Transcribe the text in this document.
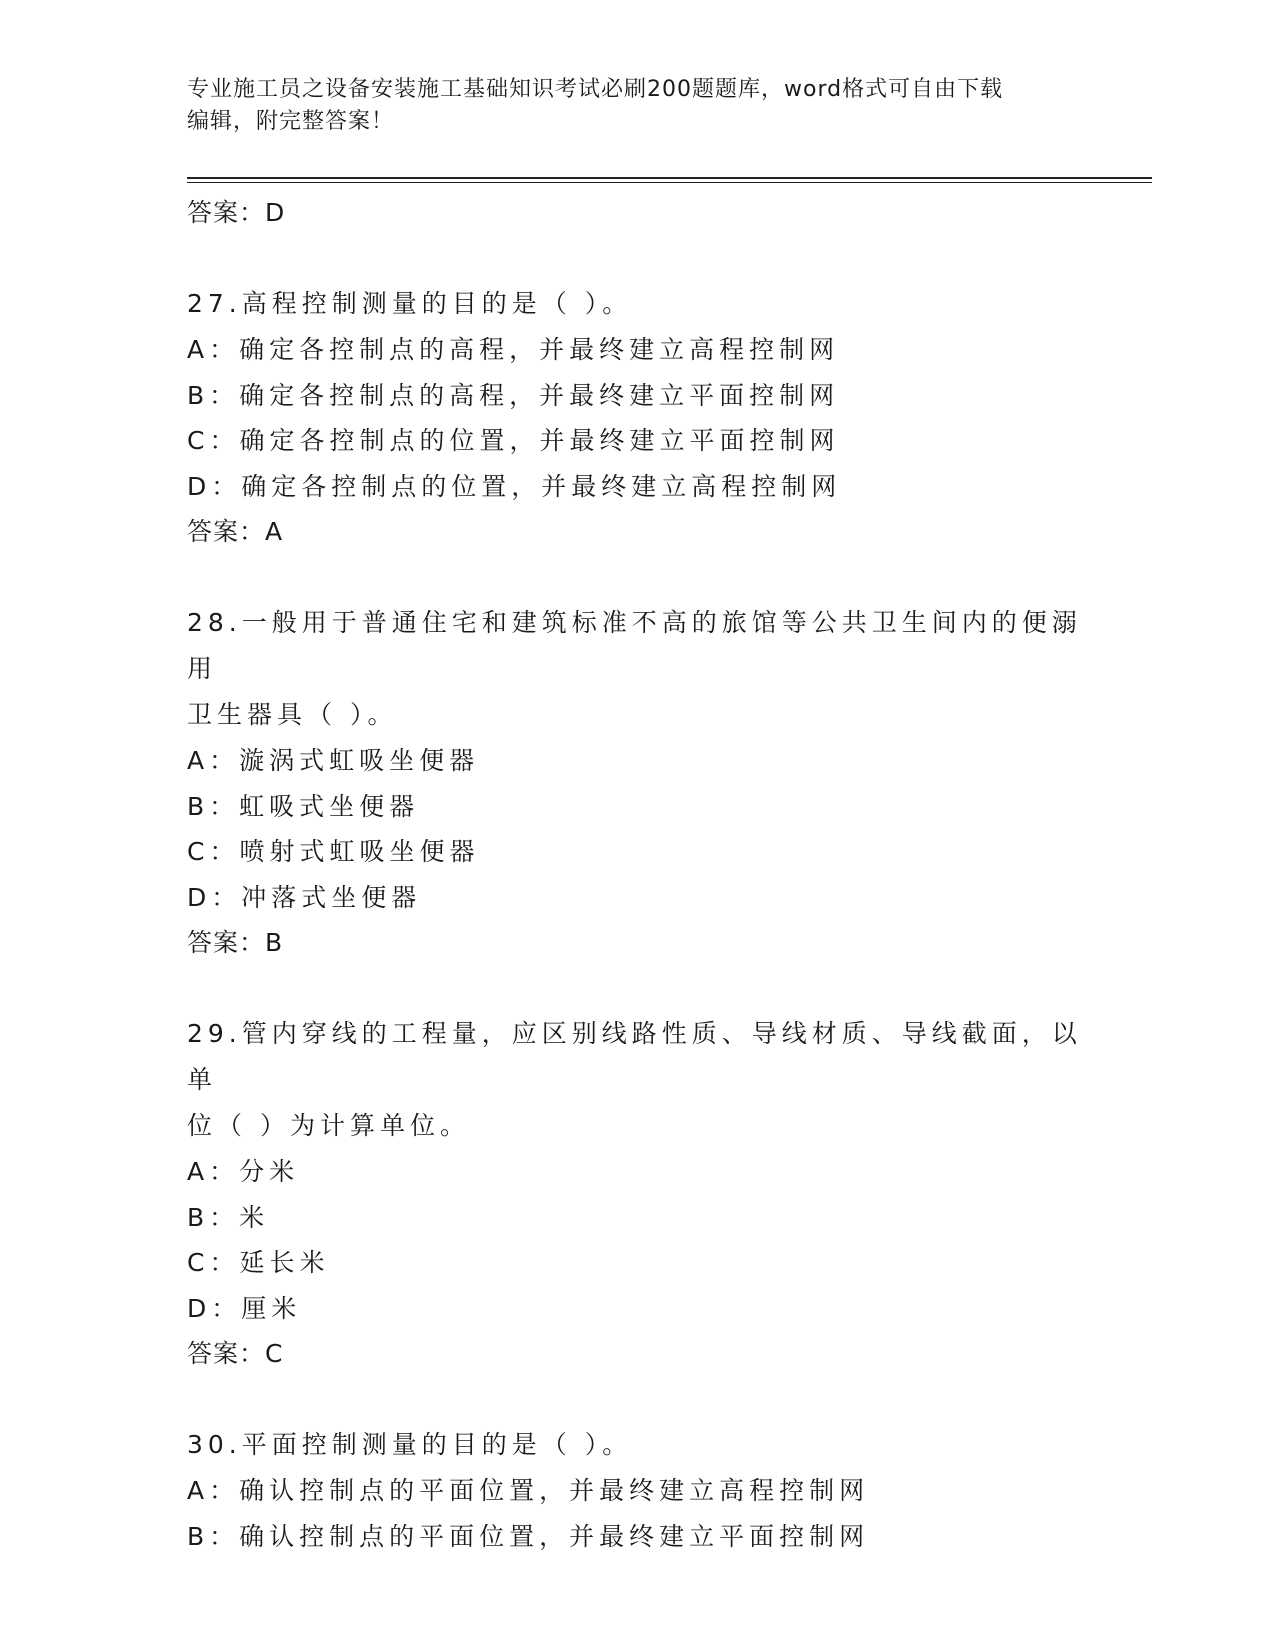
专业施工员之设备安装施工基础知识考试必刷200题题库，word格式可自由下载
编辑，附完整答案！
答案：D
27.高程控制测量的目的是（ ）。
A：确定各控制点的高程，并最终建立高程控制网
B：确定各控制点的高程，并最终建立平面控制网
C：确定各控制点的位置，并最终建立平面控制网
D：确定各控制点的位置，并最终建立高程控制网
答案：A
28.一般用于普通住宅和建筑标准不高的旅馆等公共卫生间内的便溺用
卫生器具（ ）。
A：漩涡式虹吸坐便器
B：虹吸式坐便器
C：喷射式虹吸坐便器
D：冲落式坐便器
答案：B
29.管内穿线的工程量，应区别线路性质、导线材质、导线截面，以单
位（ ）为计算单位。
A：分米
B：米
C：延长米
D：厘米
答案：C
30.平面控制测量的目的是（ ）。
A：确认控制点的平面位置，并最终建立高程控制网
B：确认控制点的平面位置，并最终建立平面控制网
